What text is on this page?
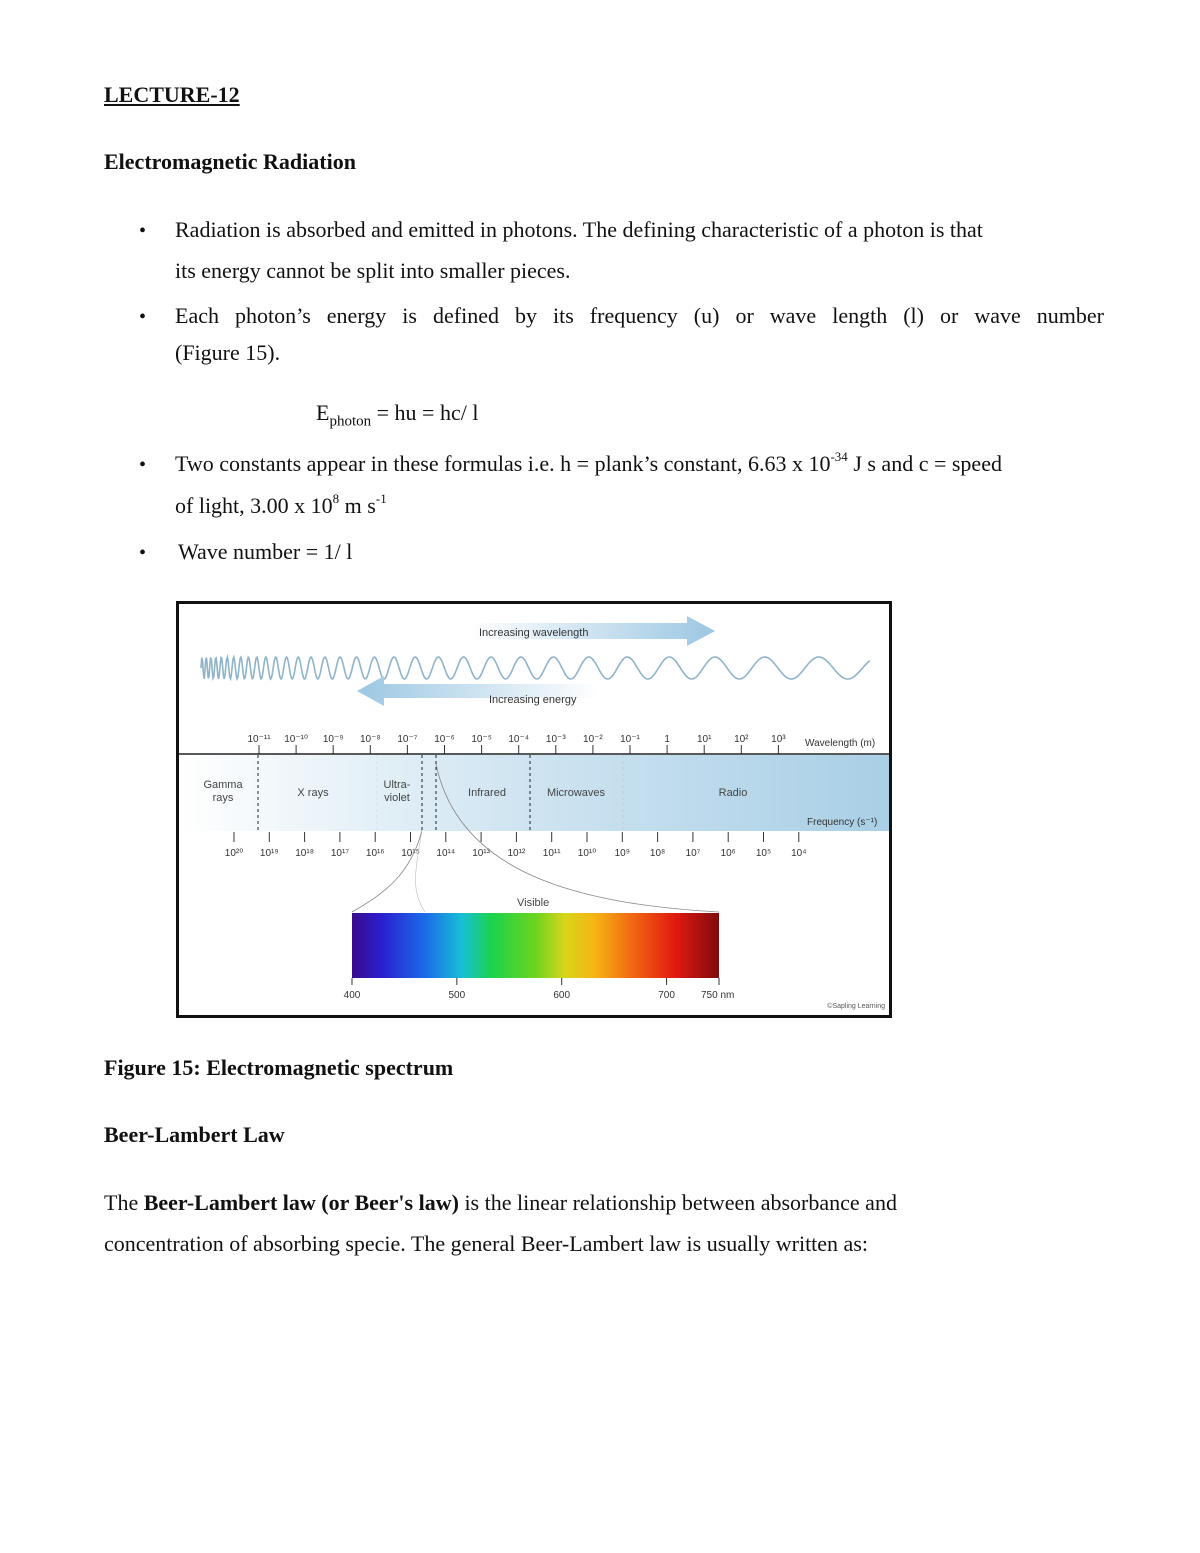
LECTURE-12
Electromagnetic Radiation
• Radiation is absorbed and emitted in photons. The defining characteristic of a photon is that
its energy cannot be split into smaller pieces.
• Each photon’s energy is defined by its frequency (u) or wave length (l) or wave number
(Figure 15).
$E_{photon}$ = hu = hc/ l
• Two constants appear in these formulas i.e. h = plank’s constant, 6.63 x $10^{-34}$ J s and c = speed
of light, 3.00 x $10^8$ m $s^{-1}$
• Wave number = 1/ l
Increasing wavelength
Increasing energy
10⁻¹¹ 10⁻¹⁰ 10⁻⁹ 10⁻⁸ 10⁻⁷ 10⁻⁶ 10⁻⁵ 10⁻⁴ 10⁻³ 10⁻² 10⁻¹ 1	10¹ 10² 10³ Wavelength (m)
Gamma
rays	X rays
Ultra-
violet	Infrared	Microwaves	Radio
Frequency (s⁻¹)
10²⁰ 10¹⁹ 10¹⁸ 10¹⁷ 10¹⁶ 10¹⁵ 10¹⁴ 10¹³ 10¹² 10¹¹ 10¹⁰ 10⁹ 10⁸ 10⁷ 10⁶ 10⁵ 10⁴
Visible
400	500	600	700	750 nm
©Sapling Learning
Figure 15: Electromagnetic spectrum
Beer-Lambert Law
The Beer-Lambert law (or Beer's law) is the linear relationship between absorbance and
concentration of absorbing specie. The general Beer-Lambert law is usually written as:
